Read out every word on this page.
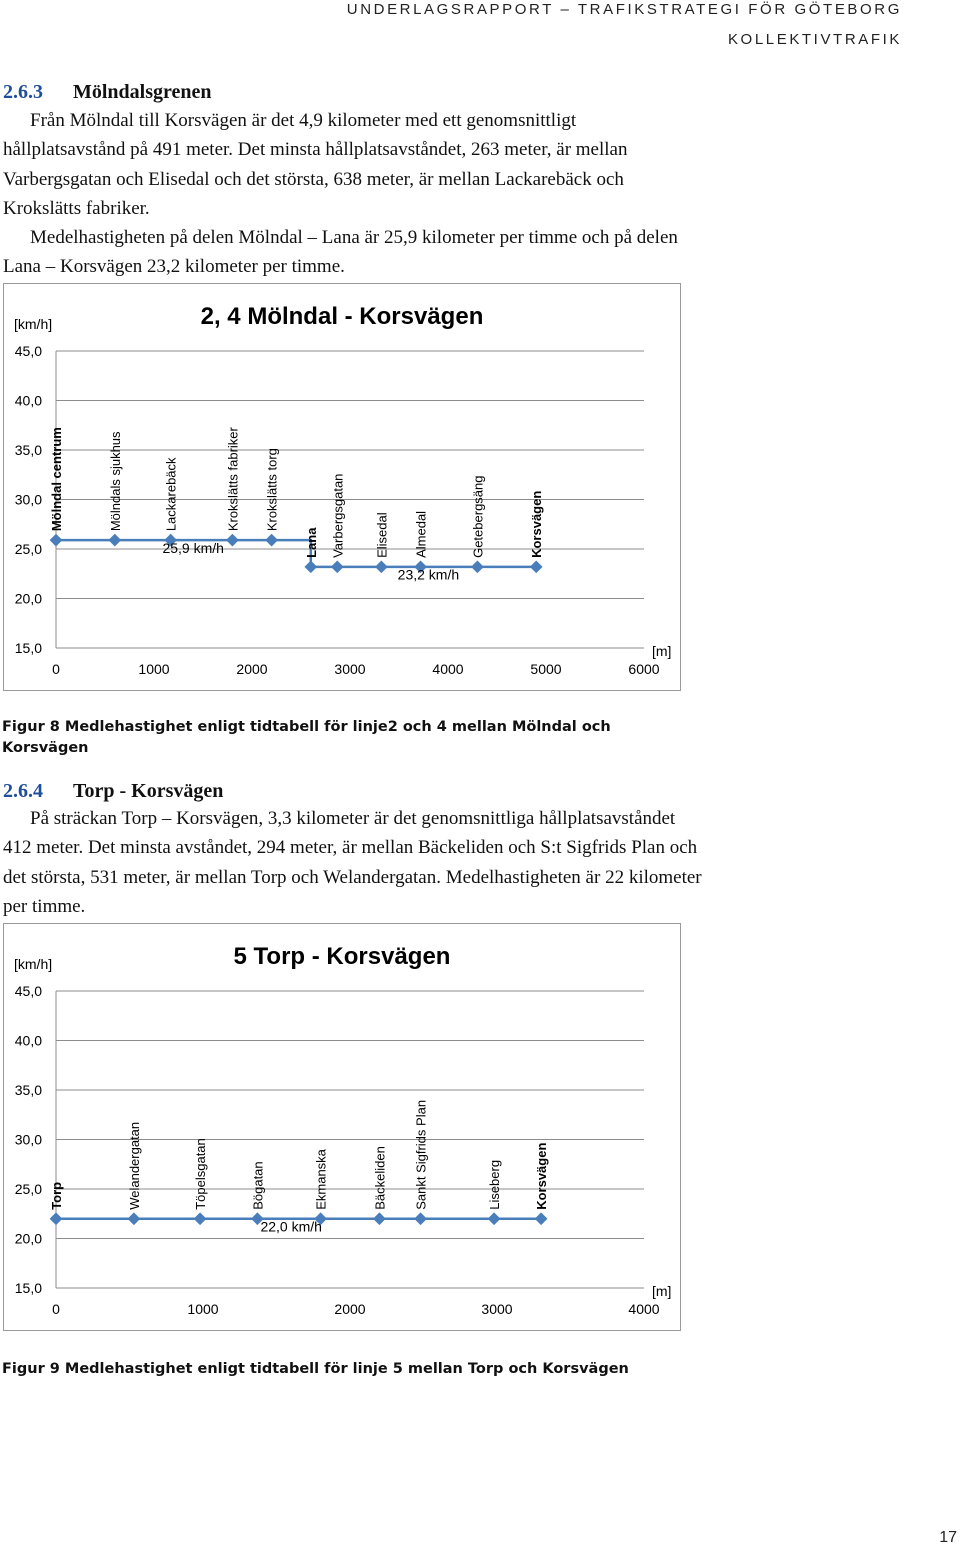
UNDERLAGSRAPPORT – TRAFIKSTRATEGI FÖR GÖTEBORG
KOLLEKTIVTRAFIK
2.6.3 Mölndalsgrenen

Från Mölndal till Korsvägen är det 4,9 kilometer med ett genomsnittligt hållplatsavstånd på 491 meter. Det minsta hållplatsavståndet, 263 meter, är mellan Varbergsgatan och Elisedal och det största, 638 meter, är mellan Lackarebäck och Krokslätts fabriker.

Medelhastigheten på delen Mölndal – Lana är 25,9 kilometer per timme och på delen Lana – Korsvägen 23,2 kilometer per timme.

2, 4 Mölndal - Korsvägen
[km/h]
[m]
15,0
20,0
25,0
30,0
35,0
40,0
45,0
0	1000	2000	3000	4000	5000	6000
Mölndal centrum	Mölndals sjukhus	Lackarebäck	Krokslätts fabriker Krokslätts torg
Lana Varbergsgatan Elisedal Almedal	Getebergsäng	Korsvägen
25,9 km/h
23,2 km/h
Figur 8 Medlehastighet enligt tidtabell för linje2 och 4 mellan Mölndal och Korsvägen
2.6.4 Torp - Korsvägen

På sträckan Torp – Korsvägen, 3,3 kilometer är det genomsnittliga hållplatsavståndet 412 meter. Det minsta avståndet, 294 meter, är mellan Bäckeliden och S:t Sigfrids Plan och det största, 531 meter, är mellan Torp och Welandergatan. Medelhastigheten är 22 kilometer per timme.

5 Torp - Korsvägen
[km/h]
[m]
15,0
20,0
25,0
30,0
35,0
40,0
45,0
0	1000	2000	3000	4000
Torp	Welandergatan	Töpelsgatan	Bögatan	Ekmanska	Bäckeliden Sankt Sigfrids Plan	Liseberg Korsvägen
22,0 km/h
Figur 9 Medlehastighet enligt tidtabell för linje 5 mellan Torp och Korsvägen
17
